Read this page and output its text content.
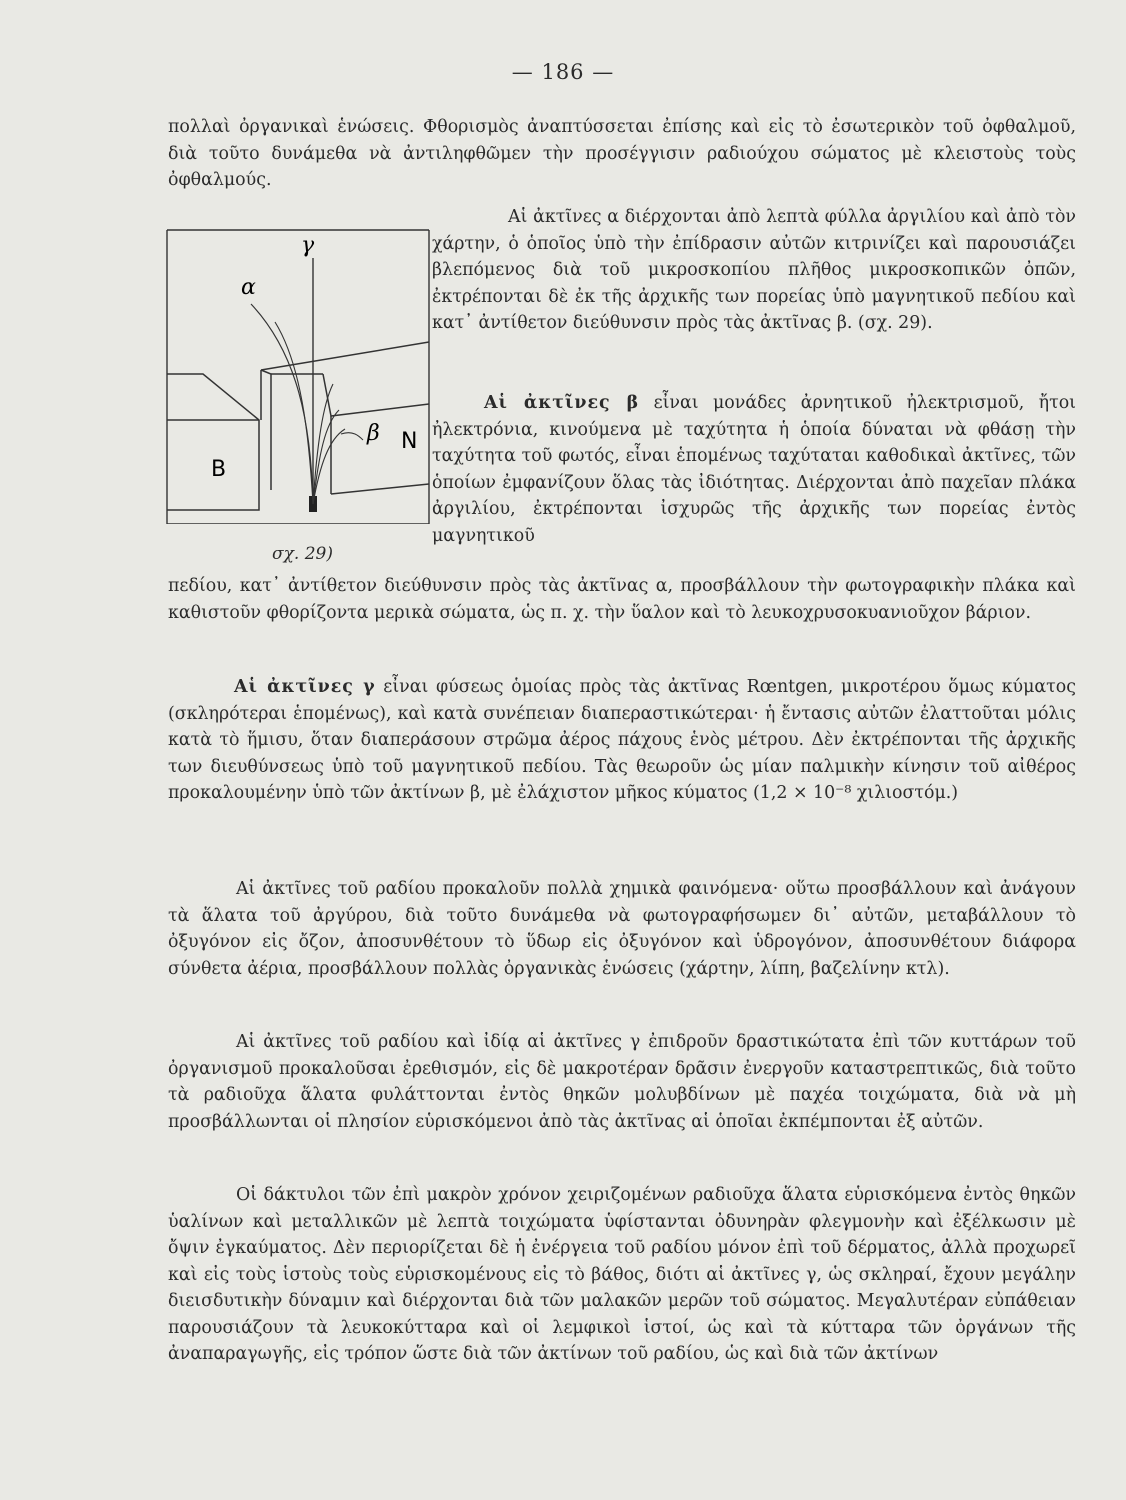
— 186 —

πολλαὶ ὀργανικαὶ ἑνώσεις. Φθορισμὸς ἀναπτύσσεται ἐπίσης καὶ εἰς τὸ ἐσωτερικὸν τοῦ ὀφθαλμοῦ, διὰ τοῦτο δυνάμεθα νὰ ἀντιληφθῶμεν τὴν προσέγγισιν ραδιούχου σώματος μὲ κλειστοὺς τοὺς ὀφθαλμούς.

α
γ
β
B
N
σχ. 29)

Αἱ ἀκτῖνες α διέρχονται ἀπὸ λεπτὰ φύλλα ἀργιλίου καὶ ἀπὸ τὸν χάρτην, ὁ ὁποῖος ὑπὸ τὴν ἐπίδρασιν αὐτῶν κιτρινίζει καὶ παρουσιάζει βλεπόμενος διὰ τοῦ μικροσκοπίου πλῆθος μικροσκοπικῶν ὀπῶν, ἐκτρέπονται δὲ ἐκ τῆς ἀρχικῆς των πορείας ὑπὸ μαγνητικοῦ πεδίου καὶ κατ᾿ ἀντίθετον διεύθυνσιν πρὸς τὰς ἀκτῖνας β. (σχ. 29).

Αἱ ἀκτῖνες β εἶναι μονάδες ἀρνητικοῦ ἠλεκτρισμοῦ, ἤτοι ἠλεκτρόνια, κινούμενα μὲ ταχύτητα ἡ ὁποία δύναται νὰ φθάσῃ τὴν ταχύτητα τοῦ φωτός, εἶναι ἑπομένως ταχύταται καθοδικαὶ ἀκτῖνες, τῶν ὁποίων ἐμφανίζουν ὅλας τὰς ἰδιότητας. Διέρχονται ἀπὸ παχεῖαν πλάκα ἀργιλίου, ἐκτρέπονται ἰσχυρῶς τῆς ἀρχικῆς των πορείας ἐντὸς μαγνητικοῦ

πεδίου, κατ᾿ ἀντίθετον διεύθυνσιν πρὸς τὰς ἀκτῖνας α, προσβάλλουν τὴν φωτογραφικὴν πλάκα καὶ καθιστοῦν φθορίζοντα μερικὰ σώματα, ὡς π. χ. τὴν ὕαλον καὶ τὸ λευκοχρυσοκυανιοῦχον βάριον.

Αἱ ἀκτῖνες γ εἶναι φύσεως ὁμοίας πρὸς τὰς ἀκτῖνας Rœntgen, μικροτέρου ὅμως κύματος (σκληρότεραι ἑπομένως), καὶ κατὰ συνέπειαν διαπεραστικώτεραι· ἡ ἔντασις αὐτῶν ἐλαττοῦται μόλις κατὰ τὸ ἥμισυ, ὅταν διαπεράσουν στρῶμα ἀέρος πάχους ἑνὸς μέτρου. Δὲν ἐκτρέπονται τῆς ἀρχικῆς των διευθύνσεως ὑπὸ τοῦ μαγνητικοῦ πεδίου. Τὰς θεωροῦν ὡς μίαν παλμικὴν κίνησιν τοῦ αἰθέρος προκαλουμένην ὑπὸ τῶν ἀκτίνων β, μὲ ἐλάχιστον μῆκος κύματος (1,2 × 10⁻⁸ χιλιοστόμ.)

Αἱ ἀκτῖνες τοῦ ραδίου προκαλοῦν πολλὰ χημικὰ φαινόμενα· οὕτω προσβάλλουν καὶ ἀνάγουν τὰ ἅλατα τοῦ ἀργύρου, διὰ τοῦτο δυνάμεθα νὰ φωτογραφήσωμεν δι᾿ αὐτῶν, μεταβάλλουν τὸ ὀξυγόνον εἰς ὄζον, ἀποσυνθέτουν τὸ ὕδωρ εἰς ὀξυγόνον καὶ ὑδρογόνον, ἀποσυνθέτουν διάφορα σύνθετα ἀέρια, προσβάλλουν πολλὰς ὀργανικὰς ἑνώσεις (χάρτην, λίπη, βαζελίνην κτλ).

Αἱ ἀκτῖνες τοῦ ραδίου καὶ ἰδίᾳ αἱ ἀκτῖνες γ ἐπιδροῦν δραστικώτατα ἐπὶ τῶν κυττάρων τοῦ ὀργανισμοῦ προκαλοῦσαι ἐρεθισμόν, εἰς δὲ μακροτέραν δρᾶσιν ἐνεργοῦν καταστρεπτικῶς, διὰ τοῦτο τὰ ραδιοῦχα ἅλατα φυλάττονται ἐντὸς θηκῶν μολυβδίνων μὲ παχέα τοιχώματα, διὰ νὰ μὴ προσβάλλωνται οἱ πλησίον εὑρισκόμενοι ἀπὸ τὰς ἀκτῖνας αἱ ὁποῖαι ἐκπέμπονται ἐξ αὐτῶν.

Οἱ δάκτυλοι τῶν ἐπὶ μακρὸν χρόνον χειριζομένων ραδιοῦχα ἅλατα εὑρισκόμενα ἐντὸς θηκῶν ὑαλίνων καὶ μεταλλικῶν μὲ λεπτὰ τοιχώματα ὑφίστανται ὀδυνηρὰν φλεγμονὴν καὶ ἐξέλκωσιν μὲ ὄψιν ἐγκαύματος. Δὲν περιορίζεται δὲ ἡ ἐνέργεια τοῦ ραδίου μόνον ἐπὶ τοῦ δέρματος, ἀλλὰ προχωρεῖ καὶ εἰς τοὺς ἱστοὺς τοὺς εὑρισκομένους εἰς τὸ βάθος, διότι αἱ ἀκτῖνες γ, ὡς σκληραί, ἔχουν μεγάλην διεισδυτικὴν δύναμιν καὶ διέρχονται διὰ τῶν μαλακῶν μερῶν τοῦ σώματος. Μεγαλυτέραν εὐπάθειαν παρουσιάζουν τὰ λευκοκύτταρα καὶ οἱ λεμφικοὶ ἱστοί, ὡς καὶ τὰ κύτταρα τῶν ὀργάνων τῆς ἀναπαραγωγῆς, εἰς τρόπον ὥστε διὰ τῶν ἀκτίνων τοῦ ραδίου, ὡς καὶ διὰ τῶν ἀκτίνων
